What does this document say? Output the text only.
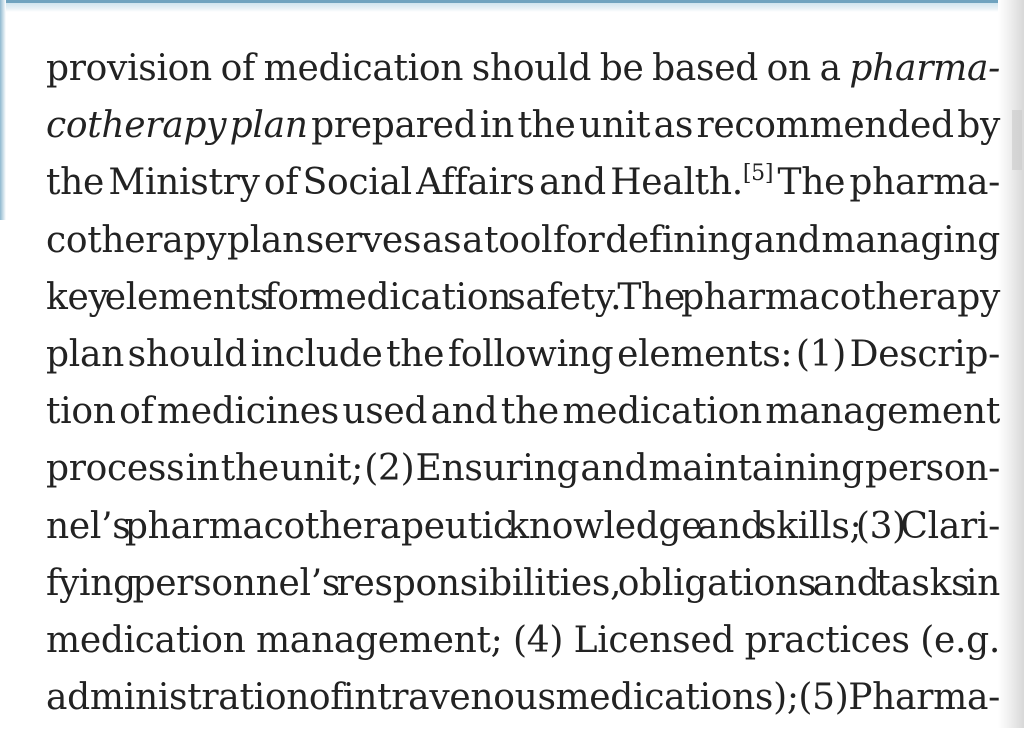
provision of medication should be based on a pharma-
cotherapy plan prepared in the unit as recommended by
the Ministry of Social Affairs and Health.[5] The pharma-
cotherapy plan serves as a tool for defining and managing
key elements for medication safety. The pharmacotherapy
plan should include the following elements: (1) Descrip-
tion of medicines used and the medication management
process in the unit; (2) Ensuring and maintaining person-
nel’s pharmacotherapeutic knowledge and skills; (3) Clari-
fying personnel’s responsibilities, obligations and tasks in
medication management; (4) Licensed practices (e.g.
administration of intravenous medications); (5) Pharma-
